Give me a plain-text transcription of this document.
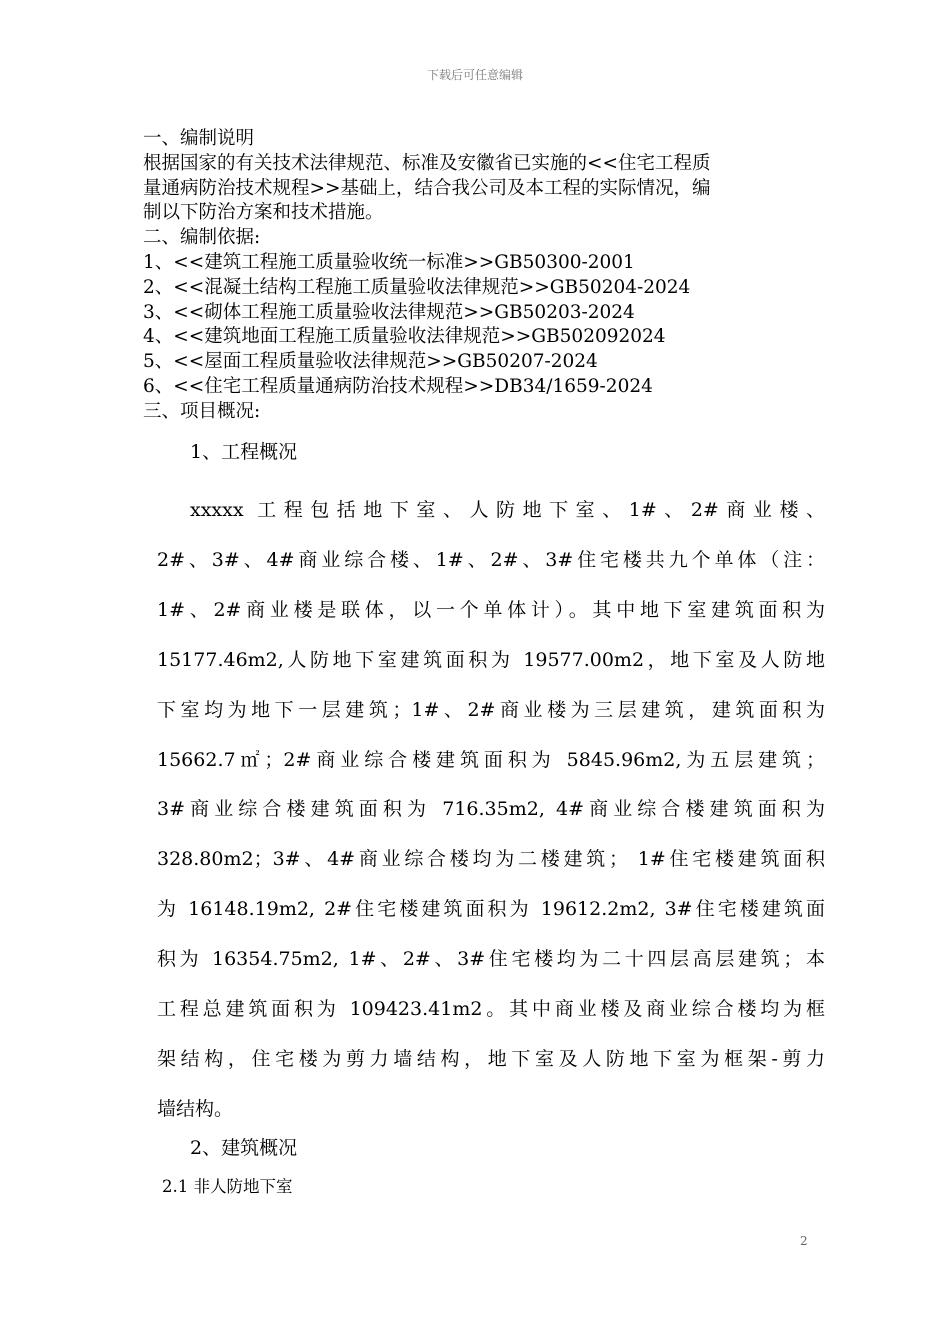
下载后可任意编辑
一、编制说明
根据国家的有关技术法律规范、标准及安徽省已实施的<<住宅工程质
量通病防治技术规程>>基础上，结合我公司及本工程的实际情况，编
制以下防治方案和技术措施。
二、编制依据:
1、<<建筑工程施工质量验收统一标准>>GB50300-2001
2、<<混凝土结构工程施工质量验收法律规范>>GB50204-2024
3、<<砌体工程施工质量验收法律规范>>GB50203-2024
4、<<建筑地面工程施工质量验收法律规范>>GB502092024
5、<<屋面工程质量验收法律规范>>GB50207-2024
6、<<住宅工程质量通病防治技术规程>>DB34/1659-2024
三、项目概况:
1、工程概况
xxxxx 工程包括地下室、人防地下室、1#、2#商业楼、
2#、3#、4#商业综合楼、1#、2#、3#住宅楼共九个单体（注：
1#、2#商业楼是联体，以一个单体计）。其中地下室建筑面积为
15177.46m2,人防地下室建筑面积为 19577.00m2，地下室及人防地
下室均为地下一层建筑；1#、2#商业楼为三层建筑，建筑面积为
15662.7㎡；2#商业综合楼建筑面积为 5845.96m2,为五层建筑；
3#商业综合楼建筑面积为 716.35m2, 4#商业综合楼建筑面积为
328.80m2；3#、4#商业综合楼均为二楼建筑； 1#住宅楼建筑面积
为 16148.19m2, 2#住宅楼建筑面积为 19612.2m2, 3#住宅楼建筑面
积为 16354.75m2, 1#、2#、3#住宅楼均为二十四层高层建筑；本
工程总建筑面积为 109423.41m2。其中商业楼及商业综合楼均为框
架结构，住宅楼为剪力墙结构，地下室及人防地下室为框架-剪力
墙结构。
2、建筑概况
2.1 非人防地下室
2
